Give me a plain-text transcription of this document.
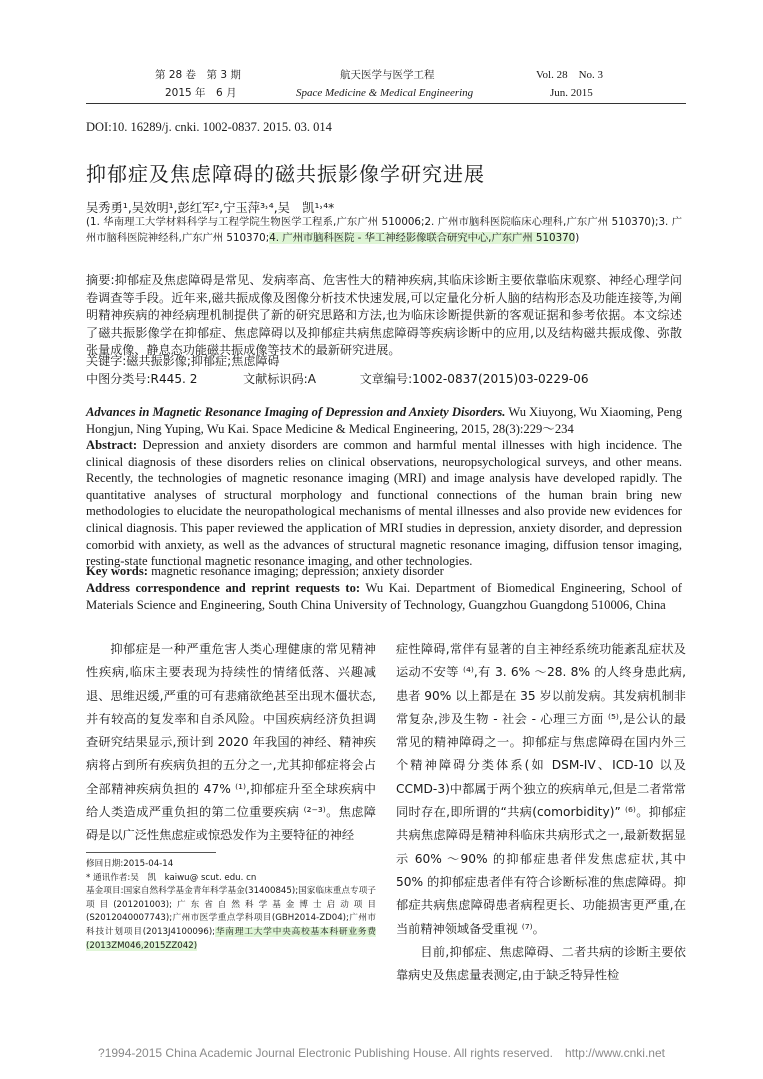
第 28 卷　第 3 期
2015 年　6 月
航天医学与医学工程
Space Medicine & Medical Engineering
Vol. 28　No. 3
Jun. 2015
DOI:10. 16289/j. cnki. 1002-0837. 2015. 03. 014
抑郁症及焦虑障碍的磁共振影像学研究进展
吴秀勇¹,吴效明¹,彭红军²,宁玉萍³˒⁴,吴　凯¹˒⁴*
(1. 华南理工大学材料科学与工程学院生物医学工程系,广东广州 510006;2. 广州市脑科医院临床心理科,广东广州 510370);3. 广州市脑科医院神经科,广东广州 510370;4. 广州市脑科医院 - 华工神经影像联合研究中心,广东广州 510370)
摘要:抑郁症及焦虑障碍是常见、发病率高、危害性大的精神疾病,其临床诊断主要依靠临床观察、神经心理学问卷调查等手段。近年来,磁共振成像及图像分析技术快速发展,可以定量化分析人脑的结构形态及功能连接等,为阐明精神疾病的神经病理机制提供了新的研究思路和方法,也为临床诊断提供新的客观证据和参考依据。本文综述了磁共振影像学在抑郁症、焦虑障碍以及抑郁症共病焦虑障碍等疾病诊断中的应用,以及结构磁共振成像、弥散张量成像、静息态功能磁共振成像等技术的最新研究进展。
关键字:磁共振影像;抑郁症;焦虑障碍
中图分类号:R445. 2	文献标识码:A	文章编号:1002-0837(2015)03-0229-06
Advances in Magnetic Resonance Imaging of Depression and Anxiety Disorders. Wu Xiuyong, Wu Xiaoming, Peng Hongjun, Ning Yuping, Wu Kai. Space Medicine & Medical Engineering, 2015, 28(3):229～234
Abstract: Depression and anxiety disorders are common and harmful mental illnesses with high incidence. The clinical diagnosis of these disorders relies on clinical observations, neuropsychological surveys, and other means. Recently, the technologies of magnetic resonance imaging (MRI) and image analysis have developed rapidly. The quantitative analyses of structural morphology and functional connections of the human brain bring new methodologies to elucidate the neuropathological mechanisms of mental illnesses and also provide new evidences for clinical diagnosis. This paper reviewed the application of MRI studies in depression, anxiety disorder, and depression comorbid with anxiety, as well as the advances of structural magnetic resonance imaging, diffusion tensor imaging, resting-state functional magnetic resonance imaging, and other technologies.
Key words: magnetic resonance imaging; depression; anxiety disorder
Address correspondence and reprint requests to: Wu Kai. Department of Biomedical Engineering, School of Materials Science and Engineering, South China University of Technology, Guangzhou Guangdong 510006, China

抑郁症是一种严重危害人类心理健康的常见精神性疾病,临床主要表现为持续性的情绪低落、兴趣减退、思维迟缓,严重的可有悲痛欲绝甚至出现木僵状态,并有较高的复发率和自杀风险。中国疾病经济负担调查研究结果显示,预计到 2020 年我国的神经、精神疾病将占到所有疾病负担的五分之一,尤其抑郁症将会占全部精神疾病负担的 47% ⁽¹⁾,抑郁症升至全球疾病中给人类造成严重负担的第二位重要疾病 ⁽²⁻³⁾。焦虑障碍是以广泛性焦虑症或惊恐发作为主要特征的神经

修回日期:2015-04-14
* 通讯作者:吴　凯　kaiwu@ scut. edu. cn
基金项目:国家自然科学基金青年科学基金(31400845);国家临床重点专项子项目(201201003);广东省自然科学基金博士启动项目(S2012040007743);广州市医学重点学科项目(GBH2014-ZD04);广州市科技计划项目(2013J4100096);华南理工大学中央高校基本科研业务费(2013ZM046,2015ZZ042)

症性障碍,常伴有显著的自主神经系统功能紊乱症状及运动不安等 ⁽⁴⁾,有 3. 6% ～28. 8% 的人终身患此病,患者 90% 以上都是在 35 岁以前发病。其发病机制非常复杂,涉及生物 - 社会 - 心理三方面 ⁽⁵⁾,是公认的最常见的精神障碍之一。抑郁症与焦虑障碍在国内外三个精神障碍分类体系(如 DSM-IV、ICD-10 以及 CCMD-3)中都属于两个独立的疾病单元,但是二者常常同时存在,即所谓的“共病(comorbidity)” ⁽⁶⁾。抑郁症共病焦虑障碍是精神科临床共病形式之一,最新数据显示 60% ～90% 的抑郁症患者伴发焦虑症状,其中 50% 的抑郁症患者伴有符合诊断标准的焦虑障碍。抑郁症共病焦虑障碍患者病程更长、功能损害更严重,在当前精神领域备受重视 ⁽⁷⁾。

目前,抑郁症、焦虑障碍、二者共病的诊断主要依靠病史及焦虑量表测定,由于缺乏特异性检

?1994-2015 China Academic Journal Electronic Publishing House. All rights reserved.　http://www.cnki.net
